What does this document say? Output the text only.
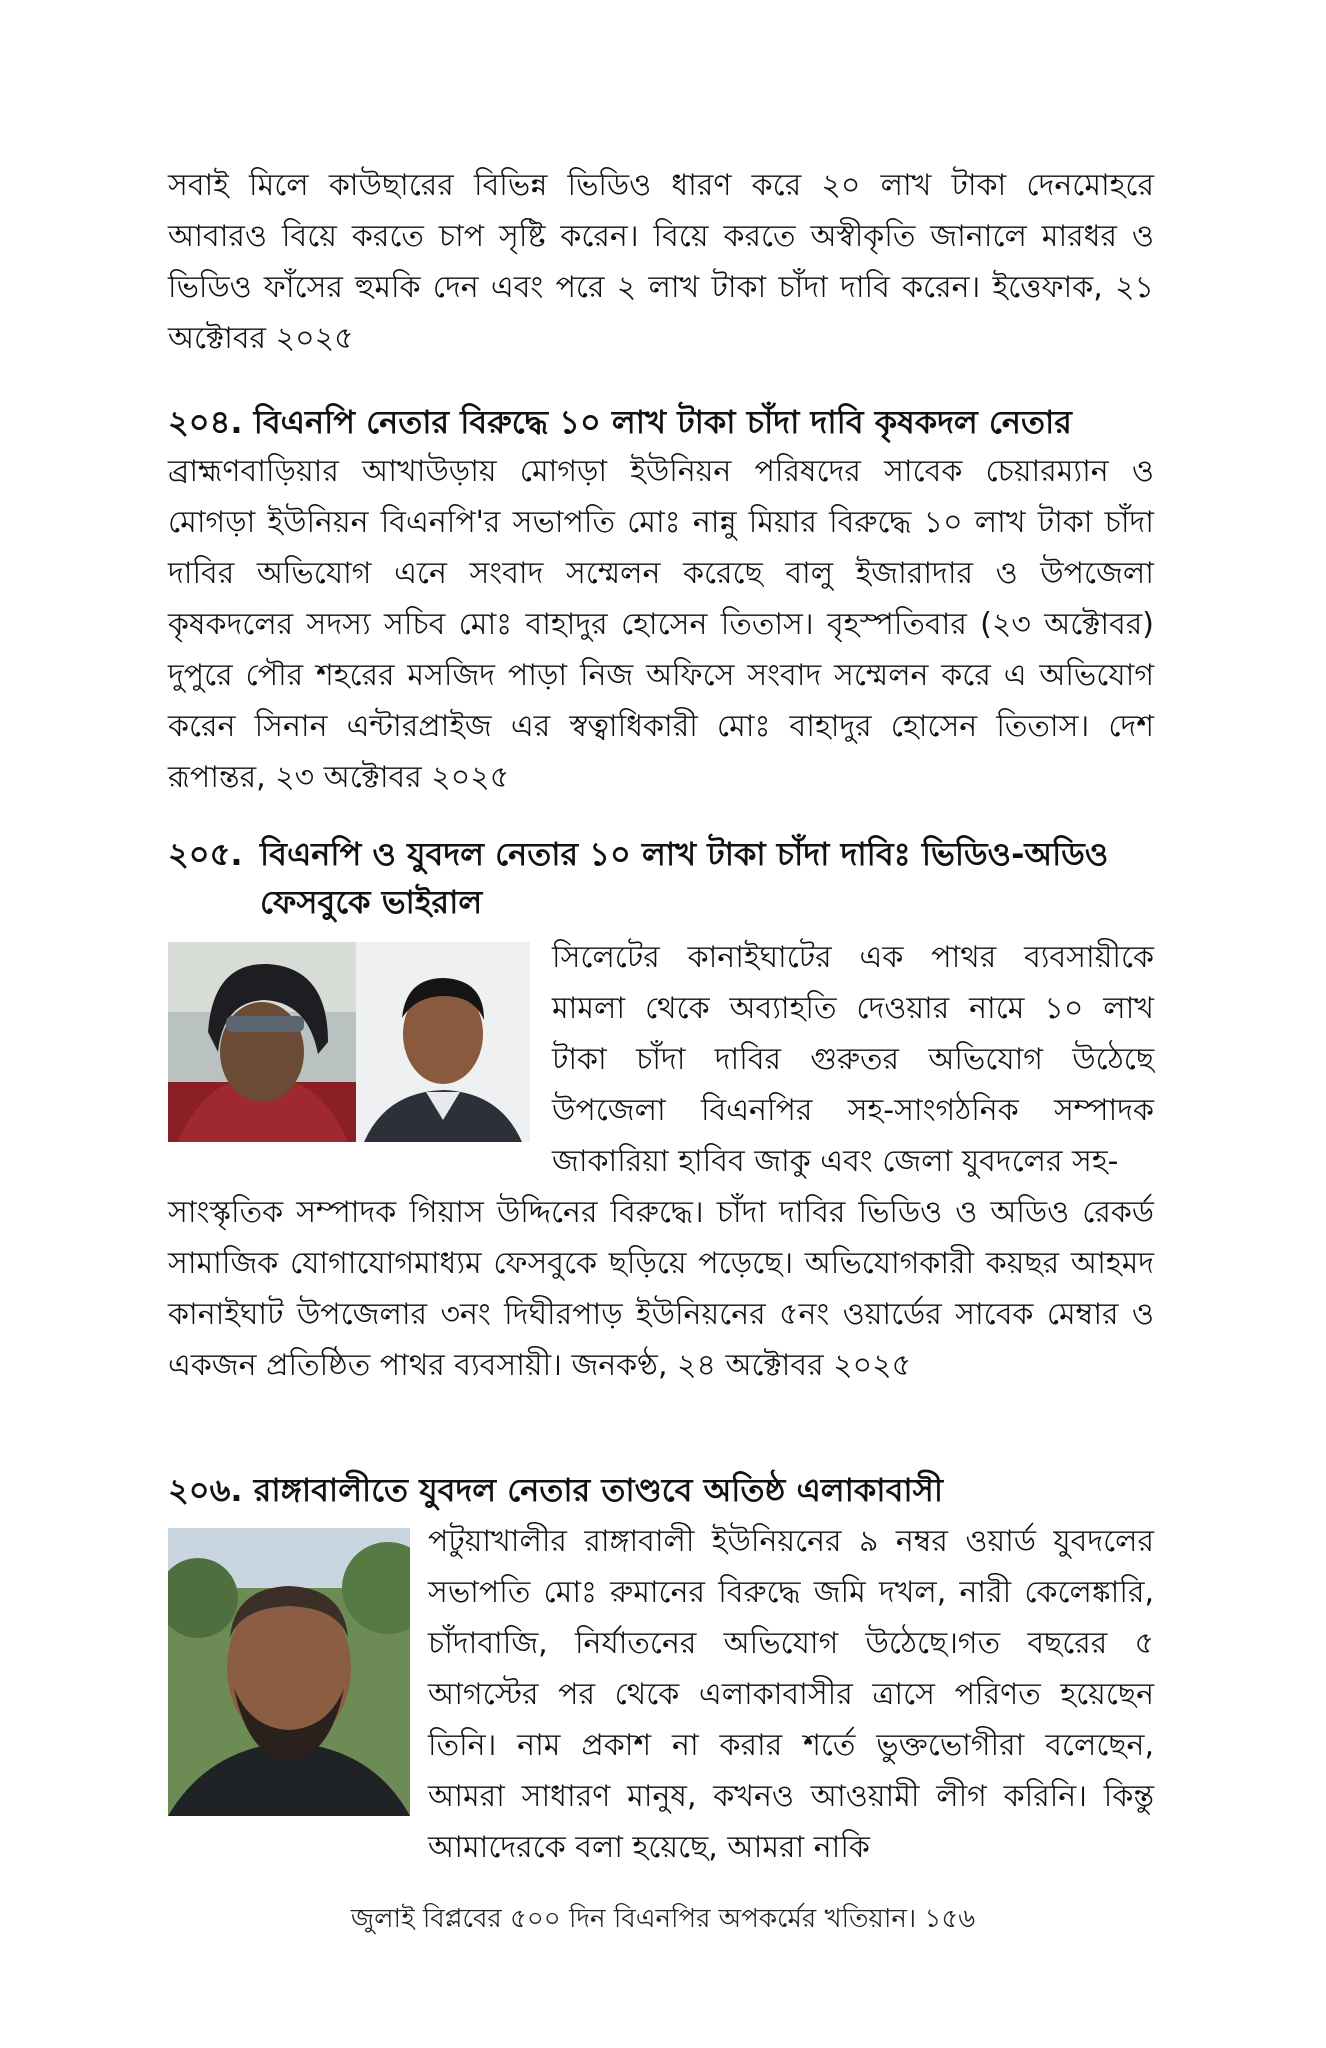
সবাই মিলে কাউছারের বিভিন্ন ভিডিও ধারণ করে ২০ লাখ টাকা দেনমোহরে আবারও বিয়ে করতে চাপ সৃষ্টি করেন। বিয়ে করতে অস্বীকৃতি জানালে মারধর ও ভিডিও ফাঁসের হুমকি দেন এবং পরে ২ লাখ টাকা চাঁদা দাবি করেন। ইত্তেফাক, ২১ অক্টোবর ২০২৫

২০৪. বিএনপি নেতার বিরুদ্ধে ১০ লাখ টাকা চাঁদা দাবি কৃষকদল নেতার

ব্রাহ্মণবাড়িয়ার আখাউড়ায় মোগড়া ইউনিয়ন পরিষদের সাবেক চেয়ারম্যান ও মোগড়া ইউনিয়ন বিএনপি'র সভাপতি মোঃ নান্নু মিয়ার বিরুদ্ধে ১০ লাখ টাকা চাঁদা দাবির অভিযোগ এনে সংবাদ সম্মেলন করেছে বালু ইজারাদার ও উপজেলা কৃষকদলের সদস্য সচিব মোঃ বাহাদুর হোসেন তিতাস। বৃহস্পতিবার (২৩ অক্টোবর) দুপুরে পৌর শহরের মসজিদ পাড়া নিজ অফিসে সংবাদ সম্মেলন করে এ অভিযোগ করেন সিনান এন্টারপ্রাইজ এর স্বত্বাধিকারী মোঃ বাহাদুর হোসেন তিতাস। দেশ রূপান্তর, ২৩ অক্টোবর ২০২৫

২০৫. বিএনপি ও যুবদল নেতার ১০ লাখ টাকা চাঁদা দাবিঃ ভিডিও-অডিও ফেসবুকে ভাইরাল

সিলেটের কানাইঘাটের এক পাথর ব্যবসায়ীকে মামলা থেকে অব্যাহতি দেওয়ার নামে ১০ লাখ টাকা চাঁদা দাবির গুরুতর অভিযোগ উঠেছে উপজেলা বিএনপির সহ-সাংগঠনিক সম্পাদক জাকারিয়া হাবিব জাকু এবং জেলা যুবদলের সহ-

সাংস্কৃতিক সম্পাদক গিয়াস উদ্দিনের বিরুদ্ধে। চাঁদা দাবির ভিডিও ও অডিও রেকর্ড সামাজিক যোগাযোগমাধ্যম ফেসবুকে ছড়িয়ে পড়েছে। অভিযোগকারী কয়ছর আহমদ কানাইঘাট উপজেলার ৩নং দিঘীরপাড় ইউনিয়নের ৫নং ওয়ার্ডের সাবেক মেম্বার ও একজন প্রতিষ্ঠিত পাথর ব্যবসায়ী। জনকণ্ঠ, ২৪ অক্টোবর ২০২৫

২০৬. রাঙ্গাবালীতে যুবদল নেতার তাণ্ডবে অতিষ্ঠ এলাকাবাসী

পটুয়াখালীর রাঙ্গাবালী ইউনিয়নের ৯ নম্বর ওয়ার্ড যুবদলের সভাপতি মোঃ রুমানের বিরুদ্ধে জমি দখল, নারী কেলেঙ্কারি, চাঁদাবাজি, নির্যাতনের অভিযোগ উঠেছে।গত বছরের ৫ আগস্টের পর থেকে এলাকাবাসীর ত্রাসে পরিণত হয়েছেন তিনি। নাম প্রকাশ না করার শর্তে ভুক্তভোগীরা বলেছেন, আমরা সাধারণ মানুষ, কখনও আওয়ামী লীগ করিনি। কিন্তু আমাদেরকে বলা হয়েছে, আমরা নাকি

জুলাই বিপ্লবের ৫০০ দিন বিএনপির অপকর্মের খতিয়ান। ১৫৬
